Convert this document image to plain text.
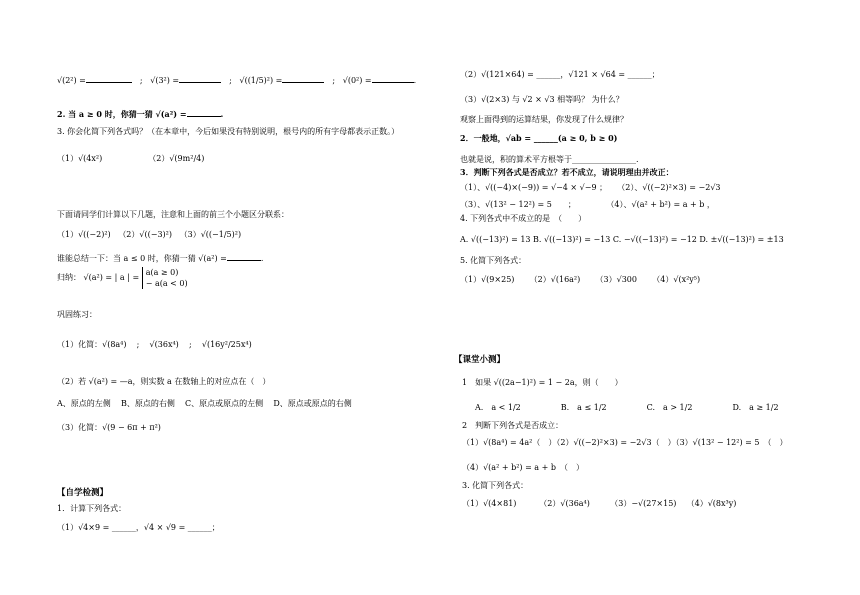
√(2²) =　	; √(3²) =　	; √((1/5)²) =　	; √(0²) =	.
2. 当 a ≥ 0 时，你猜一猜 √(a²) =	.
3. 你会化简下列各式吗？（在本章中，今后如果没有特别说明，根号内的所有字母都表示正数。）
（1）√(4x²)	（2）√(9m²/4)
下面请同学们计算以下几题，注意和上面的前三个小题区分联系：
（1）√((−2)²) （2）√((−3)²) （3）√((−1/5)²)
谁能总结一下：当 a ≤ 0 时，你猜一猜 √(a²) =	.
归纳： √(a²) = | a | =
a(a ≥ 0)
− a(a < 0)
巩固练习：
（1）化简：√(8a⁴)    ;    √(36x⁴)    ;    √(16y²/25x⁴)
（2）若 √(a²) = —a，则实数 a 在数轴上的对应点在（　）
A、原点的左侧 B、原点的右侧 C、原点或原点的左侧 D、原点或原点的右侧
（3）化简：√(9 − 6π + π²)
【自学检测】
1．计算下列各式：
（1）√4×9 = ______，√4 × √9 = ______；
（2）√(121×64) = ______，√121 × √64 = ______；
（3）√(2×3) 与 √2 × √3 相等吗？ 为什么？
观察上面得到的运算结果，你发现了什么规律？
2．一般地，√ab = ______(a ≥ 0, b ≥ 0)
也就是说，积的算术平方根等于________________.
3．判断下列各式是否成立？若不成立，请说明理由并改正：
（1）、√((−4)×(−9)) = √−4 × √−9 ； （2）、√((−2)²×3) = −2√3
（3）、√(13² − 12²) = 5　　；	（4）、√(a² + b²) = a + b ，
4. 下列各式中不成立的是　（　　）
A. √((−13)²) = 13 B. √((−13)²) = −13 C. −√((−13)²) = −12 D. ±√((−13)²) = ±13
5. 化简下列各式：
（1）√(9×25) （2）√(16a²) （3）√300 （4）√(x²y⁵)
【课堂小测】
1　如果 √((2a−1)²) = 1 − 2a，则（　　）
A.　a < 1/2	B.　a ≤ 1/2	C.　a > 1/2	D.　a ≥ 1/2
2　判断下列各式是否成立：
（1）√(8a⁴) = 4a²（　）（2）√((−2)²×3) = −2√3（　）（3）√(13² − 12²) = 5　（　）
（4）√(a² + b²) = a + b　（　）
3. 化简下列各式：
（1）√(4×81)	（2）√(36a⁴)	（3）−√(27×15) （4）√(8x³y)
